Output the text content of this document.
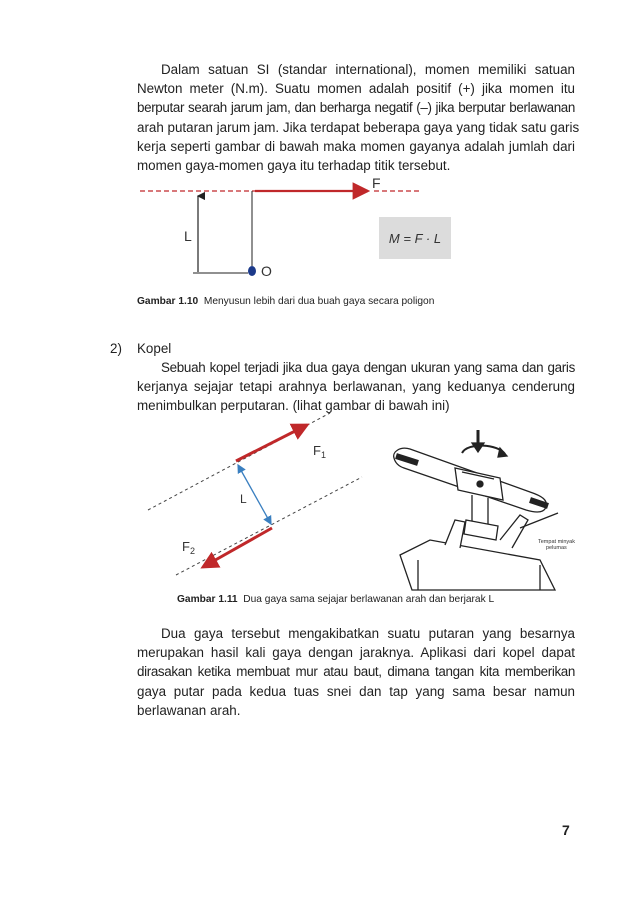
Dalam satuan SI (standar international), momen memiliki satuan
Newton meter (N.m). Suatu momen adalah positif (+) jika momen itu
berputar searah jarum jam, dan berharga negatif (–) jika berputar berlawanan
arah putaran jarum jam. Jika terdapat beberapa gaya yang tidak satu garis
kerja seperti gambar di bawah maka momen gayanya adalah jumlah dari
momen gaya-momen gaya itu terhadap titik tersebut.
F
L
O
$F_1$
$F_2$
L
Tempat minyak
pelumas
M = F · L
Gambar 1.10 Menyusun lebih dari dua buah gaya secara poligon
2) Kopel
Sebuah kopel terjadi jika dua gaya dengan ukuran yang sama dan garis
kerjanya sejajar tetapi arahnya berlawanan, yang keduanya cenderung
menimbulkan perputaran. (lihat gambar di bawah ini)
Gambar 1.11 Dua gaya sama sejajar berlawanan arah dan berjarak L
Dua gaya tersebut mengakibatkan suatu putaran yang besarnya
merupakan hasil kali gaya dengan jaraknya. Aplikasi dari kopel dapat
dirasakan ketika membuat mur atau baut, dimana tangan kita memberikan
gaya putar pada kedua tuas snei dan tap yang sama besar namun
berlawanan arah.
7
